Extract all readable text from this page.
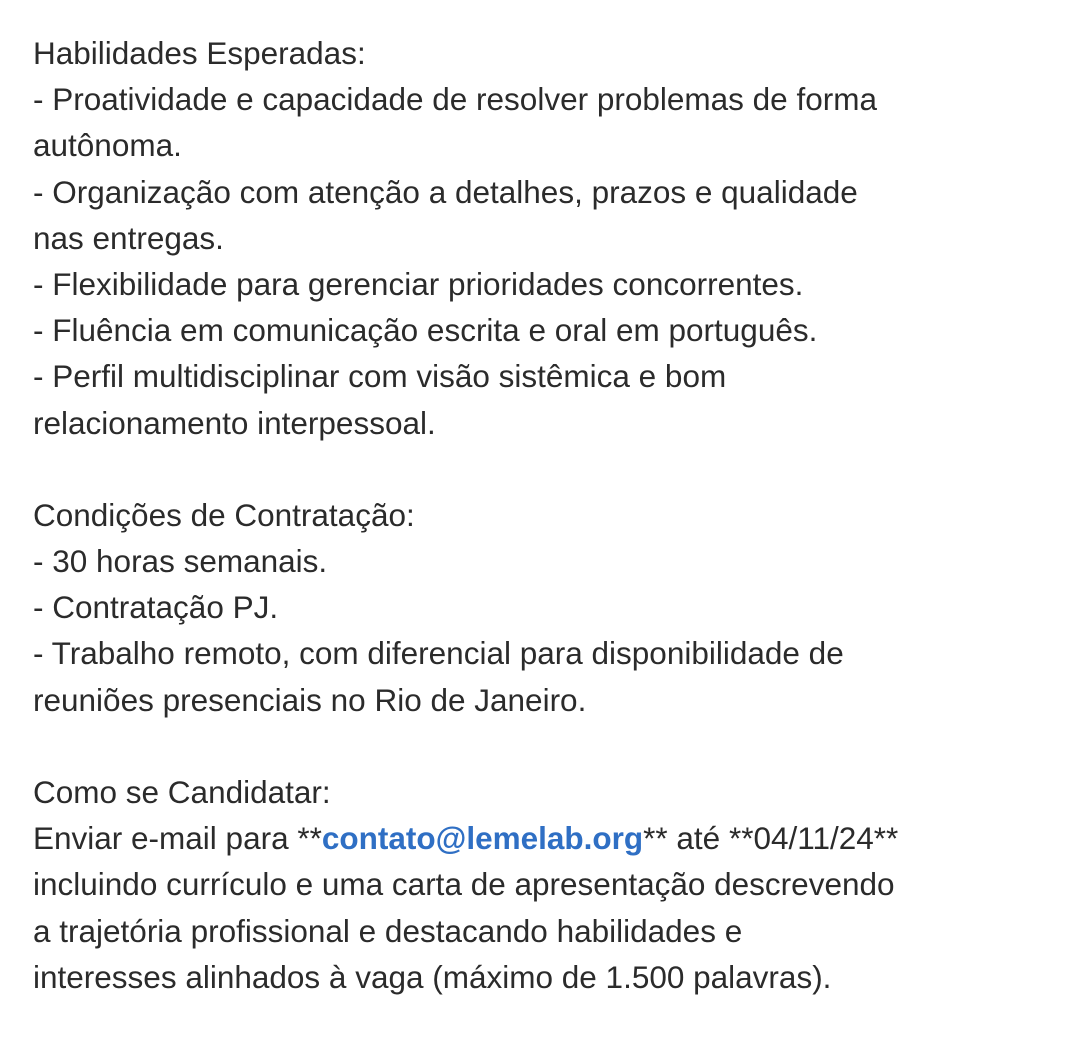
Habilidades Esperadas:
- Proatividade e capacidade de resolver problemas de forma
autônoma.
- Organização com atenção a detalhes, prazos e qualidade
nas entregas.
- Flexibilidade para gerenciar prioridades concorrentes.
- Fluência em comunicação escrita e oral em português.
- Perfil multidisciplinar com visão sistêmica e bom
relacionamento interpessoal.
Condições de Contratação:
- 30 horas semanais.
- Contratação PJ.
- Trabalho remoto, com diferencial para disponibilidade de
reuniões presenciais no Rio de Janeiro.
Como se Candidatar:
Enviar e-mail para **contato@lemelab.org** até **04/11/24**
incluindo currículo e uma carta de apresentação descrevendo
a trajetória profissional e destacando habilidades e
interesses alinhados à vaga (máximo de 1.500 palavras).
